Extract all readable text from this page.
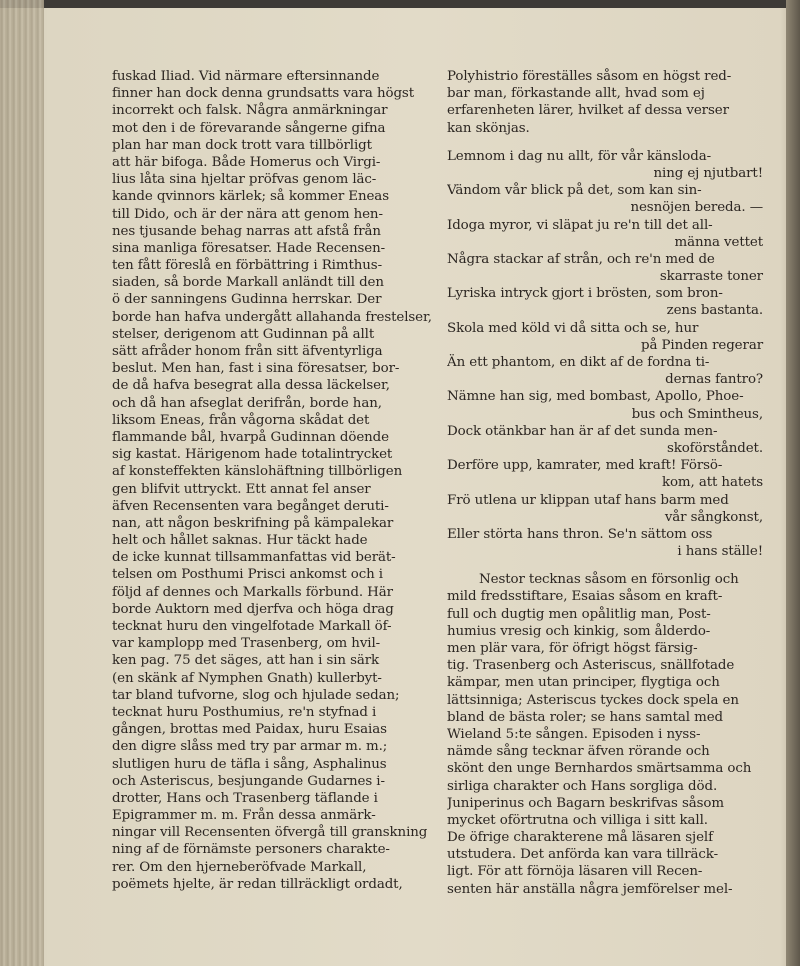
fuskad Iliad. Vid närmare eftersinnande
finner han dock denna grundsatts vara högst
incorrekt och falsk. Några anmärkningar
mot den i de förevarande sångerne gifna
plan har man dock trott vara tillbörligt
att här bifoga. Både Homerus och Virgi-
lius låta sina hjeltar pröfvas genom läc-
kande qvinnors kärlek; så kommer Eneas
till Dido, och är der nära att genom hen-
nes tjusande behag narras att afstå från
sina manliga föresatser. Hade Recensen-
ten fått föreslå en förbättring i Rimthus-
siaden, så borde Markall anländt till den
ö der sanningens Gudinna herrskar. Der
borde han hafva undergått allahanda frestelser,
stelser, derigenom att Gudinnan på allt
sätt afråder honom från sitt äfventyrliga
beslut. Men han, fast i sina föresatser, bor-
de då hafva besegrat alla dessa läckelser,
och då han afseglat derifrån, borde han,
liksom Eneas, från vågorna skådat det
flammande bål, hvarpå Gudinnan döende
sig kastat. Härigenom hade totalintrycket
af konsteffekten känslohäftning tillbörligen
gen blifvit uttryckt. Ett annat fel anser
äfven Recensenten vara begånget deruti-
nan, att någon beskrifning på kämpalekar
helt och hållet saknas. Hur täckt hade
de icke kunnat tillsammanfattas vid berät-
telsen om Posthumi Prisci ankomst och i
följd af dennes och Markalls förbund. Här
borde Auktorn med djerfva och höga drag
tecknat huru den vingelfotade Markall öf-
var kamplopp med Trasenberg, om hvil-
ken pag. 75 det säges, att han i sin särk
(en skänk af Nymphen Gnath) kullerbyt-
tar bland tufvorne, slog och hjulade sedan;
tecknat huru Posthumius, re'n styfnad i
gången, brottas med Paidax, huru Esaias
den digre slåss med try par armar m. m.;
slutligen huru de täfla i sång, Asphalinus
och Asteriscus, besjungande Gudarnes i-
drotter, Hans och Trasenberg täflande i
Epigrammer m. m. Från dessa anmärk-
ningar vill Recensenten öfvergå till granskning
ning af de förnämste personers charakte-
rer. Om den hjerneberöfvade Markall,
poëmets hjelte, är redan tillräckligt ordadt,
Polyhistrio föreställes såsom en högst red-
bar man, förkastande allt, hvad som ej
erfarenheten lärer, hvilket af dessa verser
kan skönjas.
Lemnom i dag nu allt, för vår känsloda-
ning ej njutbart!
Vändom vår blick på det, som kan sin-
nesnöjen bereda. —
Idoga myror, vi släpat ju re'n till det all-
männa vettet
Några stackar af strån, och re'n med de
skarraste toner
Lyriska intryck gjort i brösten, som bron-
zens bastanta.
Skola med köld vi då sitta och se, hur
på Pinden regerar
Än ett phantom, en dikt af de fordna ti-
dernas fantro?
Nämne han sig, med bombast, Apollo, Phoe-
bus och Smintheus,
Dock otänkbar han är af det sunda men-
skoförståndet.
Derföre upp, kamrater, med kraft! Försö-
kom, att hatets
Frö utlena ur klippan utaf hans barm med
vår sångkonst,
Eller störta hans thron. Se'n sättom oss
i hans ställe!
Nestor tecknas såsom en försonlig och
mild fredsstiftare, Esaias såsom en kraft-
full och dugtig men opålitlig man, Post-
humius vresig och kinkig, som ålderdo-
men plär vara, för öfrigt högst färsig-
tig. Trasenberg och Asteriscus, snällfotade
kämpar, men utan principer, flygtiga och
lättsinniga; Asteriscus tyckes dock spela en
bland de bästa roler; se hans samtal med
Wieland 5:te sången. Episoden i nyss-
nämde sång tecknar äfven rörande och
skönt den unge Bernhardos smärtsamma och
sirliga charakter och Hans sorgliga död.
Juniperinus och Bagarn beskrifvas såsom
mycket oförtrutna och villiga i sitt kall.
De öfrige charakterene må läsaren sjelf
utstudera. Det anförda kan vara tillräck-
ligt. För att förnöja läsaren vill Recen-
senten här anställa några jemförelser mel-
